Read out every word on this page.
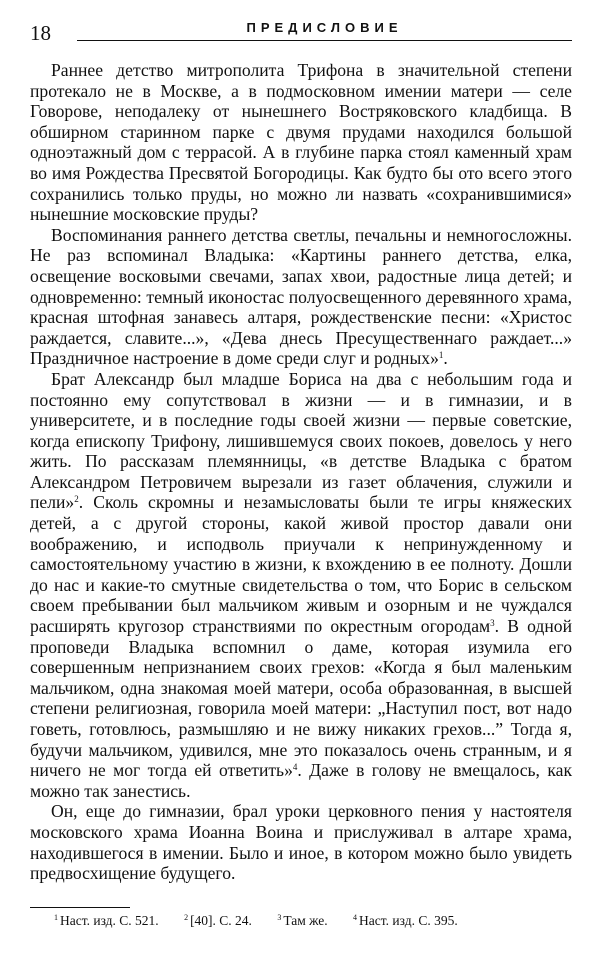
18	ПРЕДИСЛОВИЕ

Раннее детство митрополита Трифона в значительной степени протекало не в Москве, а в подмосковном имении матери — селе Говорове, неподалеку от нынешнего Востряковского кладбища. В обширном старинном парке с двумя прудами находился большой одноэтажный дом с террасой. А в глубине парка стоял каменный храм во имя Рождества Пресвятой Богородицы. Как будто бы ото всего этого сохранились только пруды, но можно ли назвать «сохранившимися» нынешние московские пруды?

Воспоминания раннего детства светлы, печальны и немногосложны. Не раз вспоминал Владыка: «Картины раннего детства, елка, освещение восковыми свечами, запах хвои, радостные лица детей; и одновременно: темный иконостас полуосвещенного деревянного храма, красная штофная занавесь алтаря, рождественские песни: «Христос раждается, славите...», «Дева днесь Пресущественнаго раждает...» Праздничное настроение в доме среди слуг и родных»$^1$.

Брат Александр был младше Бориса на два с небольшим года и постоянно ему сопутствовал в жизни — и в гимназии, и в университете, и в последние годы своей жизни — первые советские, когда епископу Трифону, лишившемуся своих покоев, довелось у него жить. По рассказам племянницы, «в детстве Владыка с братом Александром Петровичем вырезали из газет облачения, служили и пели»$^2$. Сколь скромны и незамысловаты были те игры княжеских детей, а с другой стороны, какой живой простор давали они воображению, и исподволь приучали к непринужденному и самостоятельному участию в жизни, к вхождению в ее полноту. Дошли до нас и какие-то смутные свидетельства о том, что Борис в сельском своем пребывании был мальчиком живым и озорным и не чуждался расширять кругозор странствиями по окрестным огородам$^3$. В одной проповеди Владыка вспомнил о даме, которая изумила его совершенным непризнанием своих грехов: «Когда я был маленьким мальчиком, одна знакомая моей матери, особа образованная, в высшей степени религиозная, говорила моей матери: „Наступил пост, вот надо говеть, готовлюсь, размышляю и не вижу никаких грехов...” Тогда я, будучи мальчиком, удивился, мне это показалось очень странным, и я ничего не мог тогда ей ответить»$^4$. Даже в голову не вмещалось, как можно так занестись.

Он, еще до гимназии, брал уроки церковного пения у настоятеля московского храма Иоанна Воина и прислуживал в алтаре храма, находившегося в имении. Было и иное, в котором можно было увидеть предвосхищение будущего.

$^1$ Наст. изд. С. 521.	$^2$ [40]. С. 24.	$^3$ Там же.	$^4$ Наст. изд. С. 395.
